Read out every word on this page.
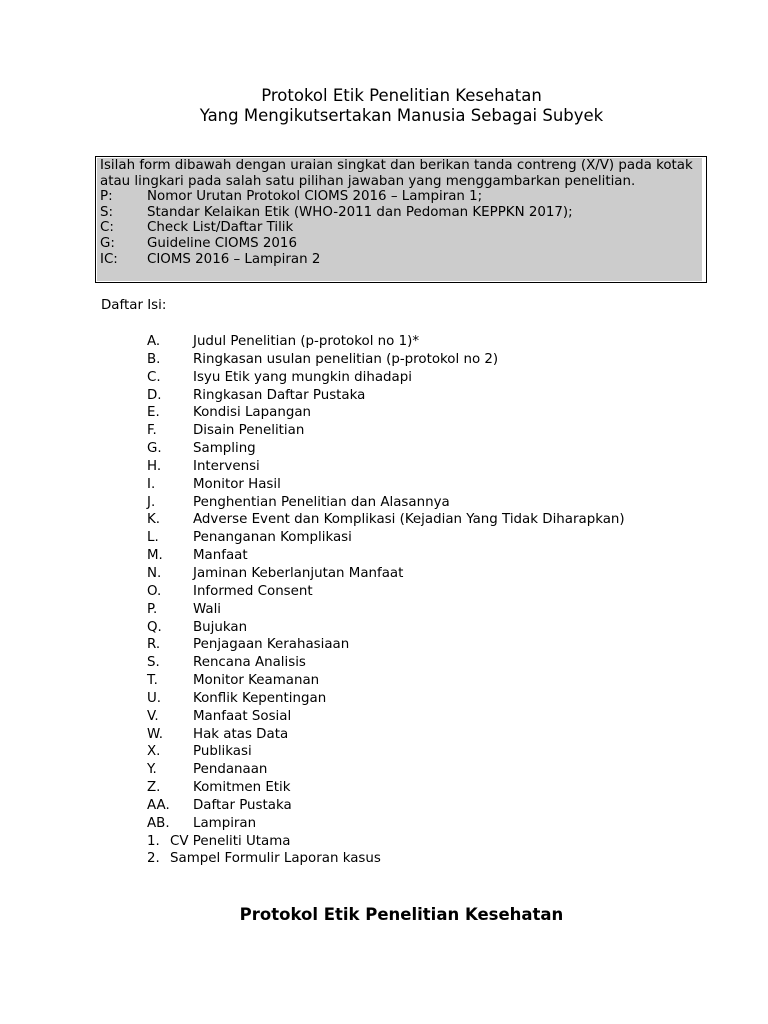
Protokol Etik Penelitian Kesehatan
Yang Mengikutsertakan Manusia Sebagai Subyek
Isilah form dibawah dengan uraian singkat dan berikan tanda contreng (X/V) pada kotak atau lingkari pada salah satu pilihan jawaban yang menggambarkan penelitian.
P:	Nomor Urutan Protokol CIOMS 2016 – Lampiran 1;
S:	Standar Kelaikan Etik (WHO-2011 dan Pedoman KEPPKN 2017);
C: Check List/Daftar Tilik
G: Guideline CIOMS 2016
IC: CIOMS 2016 – Lampiran 2
Daftar Isi:
A. Judul Penelitian (p-protokol no 1)*
B. Ringkasan usulan penelitian (p-protokol no 2)
C. Isyu Etik yang mungkin dihadapi
D. Ringkasan Daftar Pustaka
E. Kondisi Lapangan
F.	Disain Penelitian
G. Sampling
H. Intervensi
I.	Monitor Hasil
J.	Penghentian Penelitian dan Alasannya
K. Adverse Event dan Komplikasi (Kejadian Yang Tidak Diharapkan)
L.	Penanganan Komplikasi
M. Manfaat
N. Jaminan Keberlanjutan Manfaat
O. Informed Consent
P.	Wali
Q. Bujukan
R. Penjagaan Kerahasiaan
S. Rencana Analisis
T.	Monitor Keamanan
U. Konflik Kepentingan
V.	Manfaat Sosial
W. Hak atas Data
X. Publikasi
Y.	Pendanaan
Z. Komitmen Etik
AA. Daftar Pustaka
AB. Lampiran
1. CV Peneliti Utama
2. Sampel Formulir Laporan kasus
Protokol Etik Penelitian Kesehatan
